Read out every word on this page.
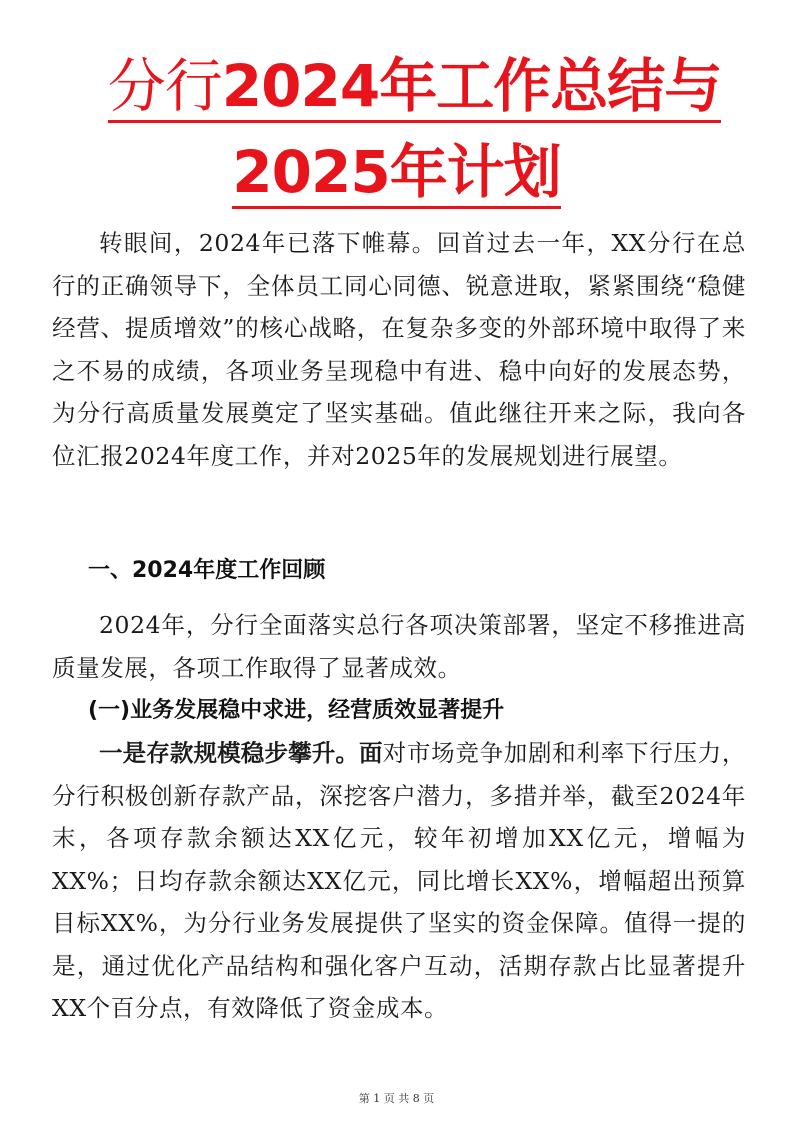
分行2024年工作总结与
2025年计划
转眼间，2024年已落下帷幕。回首过去一年，XX分行在总行的正确领导下，全体员工同心同德、锐意进取，紧紧围绕“稳健经营、提质增效”的核心战略，在复杂多变的外部环境中取得了来之不易的成绩，各项业务呈现稳中有进、稳中向好的发展态势，为分行高质量发展奠定了坚实基础。值此继往开来之际，我向各位汇报2024年度工作，并对2025年的发展规划进行展望。
一、2024年度工作回顾
2024年，分行全面落实总行各项决策部署，坚定不移推进高质量发展，各项工作取得了显著成效。
(一)业务发展稳中求进，经营质效显著提升
一是存款规模稳步攀升。面对市场竞争加剧和利率下行压力，分行积极创新存款产品，深挖客户潜力，多措并举，截至2024年末，各项存款余额达XX亿元，较年初增加XX亿元，增幅为XX%；日均存款余额达XX亿元，同比增长XX%，增幅超出预算目标XX%，为分行业务发展提供了坚实的资金保障。值得一提的是，通过优化产品结构和强化客户互动，活期存款占比显著提升XX个百分点，有效降低了资金成本。
第 1 页 共 8 页
